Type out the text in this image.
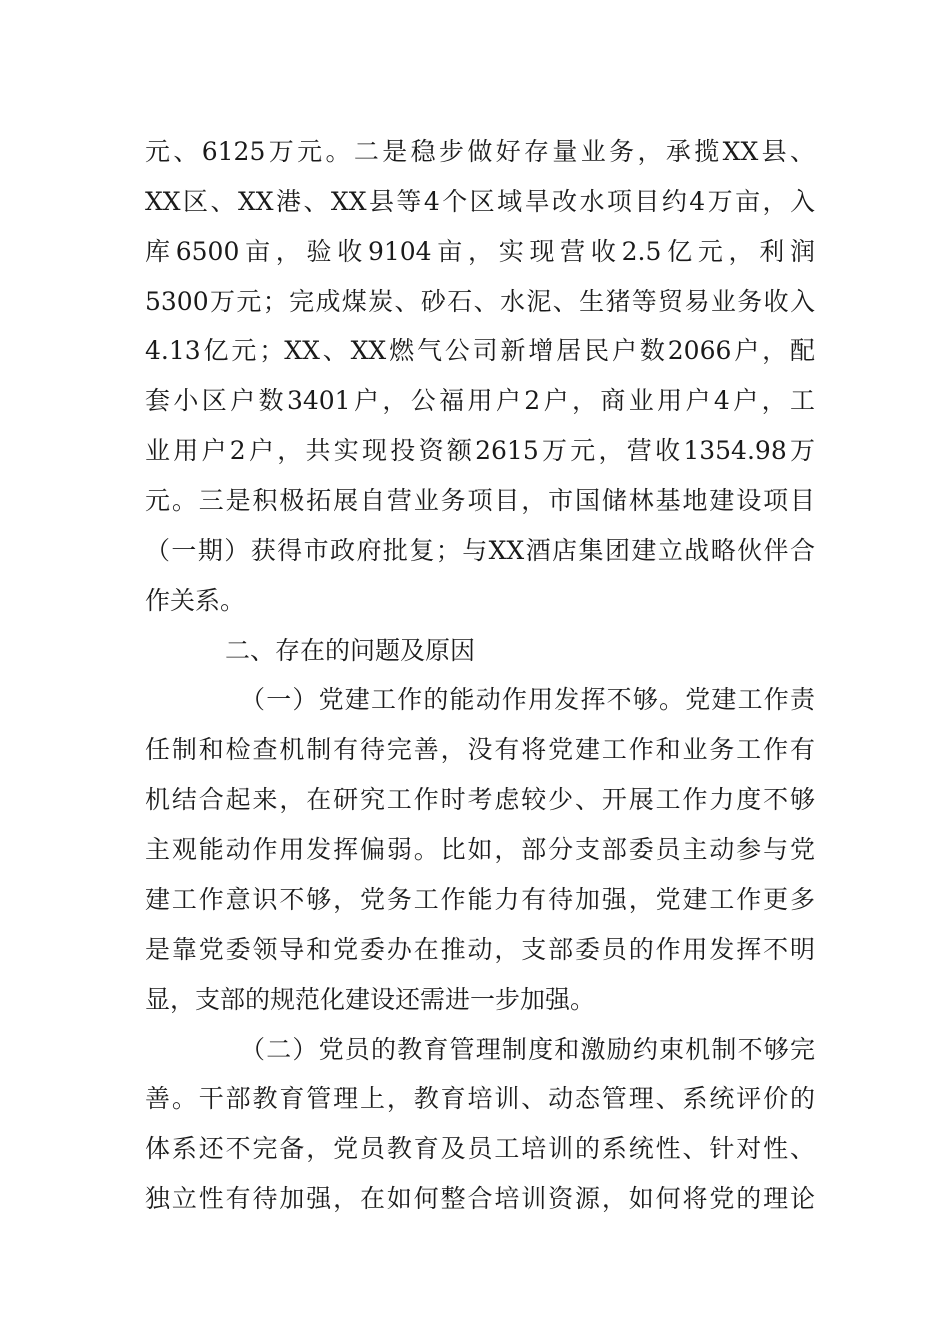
元、6125万元。二是稳步做好存量业务，承揽XX县、
XX区、XX港、XX县等4个区域旱改水项目约4万亩，入
库6500亩，验收9104亩，实现营收2.5亿元，利润
5300万元；完成煤炭、砂石、水泥、生猪等贸易业务收入
4.13亿元；XX、XX燃气公司新增居民户数2066户，配
套小区户数3401户，公福用户2户，商业用户4户，工
业用户2户，共实现投资额2615万元，营收1354.98万
元。三是积极拓展自营业务项目，市国储林基地建设项目
（一期）获得市政府批复；与XX酒店集团建立战略伙伴合
作关系。
二、存在的问题及原因
（一）党建工作的能动作用发挥不够。党建工作责
任制和检查机制有待完善，没有将党建工作和业务工作有
机结合起来，在研究工作时考虑较少、开展工作力度不够
主观能动作用发挥偏弱。比如，部分支部委员主动参与党
建工作意识不够，党务工作能力有待加强，党建工作更多
是靠党委领导和党委办在推动，支部委员的作用发挥不明
显，支部的规范化建设还需进一步加强。
（二）党员的教育管理制度和激励约束机制不够完
善。干部教育管理上，教育培训、动态管理、系统评价的
体系还不完备，党员教育及员工培训的系统性、针对性、
独立性有待加强，在如何整合培训资源，如何将党的理论
